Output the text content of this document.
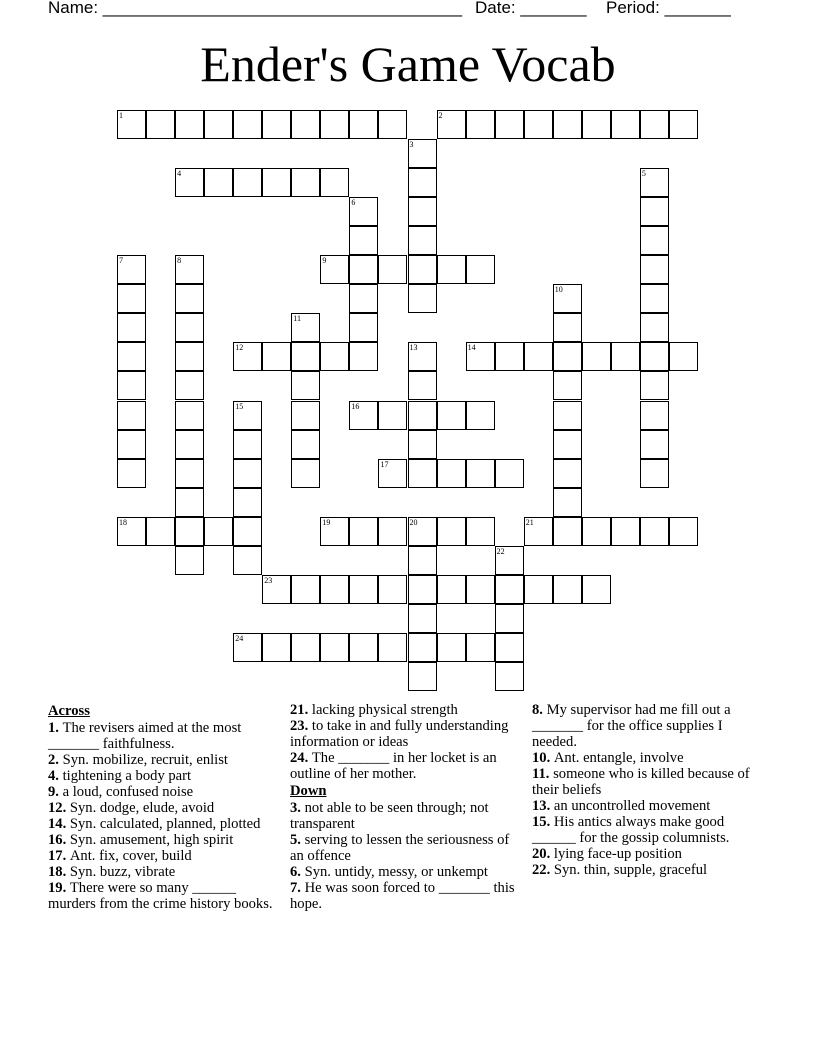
Name: ______________________________________ Date: _______ Period: _______
Ender's Game Vocab
1	2
3
4	5
6
7	8	9
10
11
12	13	14
15	16
17
18	19	20	21
22
23
24
Across
1. The revisers aimed at the most _______ faithfulness.
2. Syn. mobilize, recruit, enlist
4. tightening a body part
9. a loud, confused noise
12. Syn. dodge, elude, avoid
14. Syn. calculated, planned, plotted
16. Syn. amusement, high spirit
17. Ant. fix, cover, build
18. Syn. buzz, vibrate
19. There were so many ______ murders from the crime history books.
21. lacking physical strength
23. to take in and fully understanding information or ideas
24. The _______ in her locket is an outline of her mother.
Down
3. not able to be seen through; not transparent
5. serving to lessen the seriousness of an offence
6. Syn. untidy, messy, or unkempt
7. He was soon forced to _______ this hope.
8. My supervisor had me fill out a _______ for the office supplies I needed.
10. Ant. entangle, involve
11. someone who is killed because of their beliefs
13. an uncontrolled movement
15. His antics always make good ______ for the gossip columnists.
20. lying face-up position
22. Syn. thin, supple, graceful
